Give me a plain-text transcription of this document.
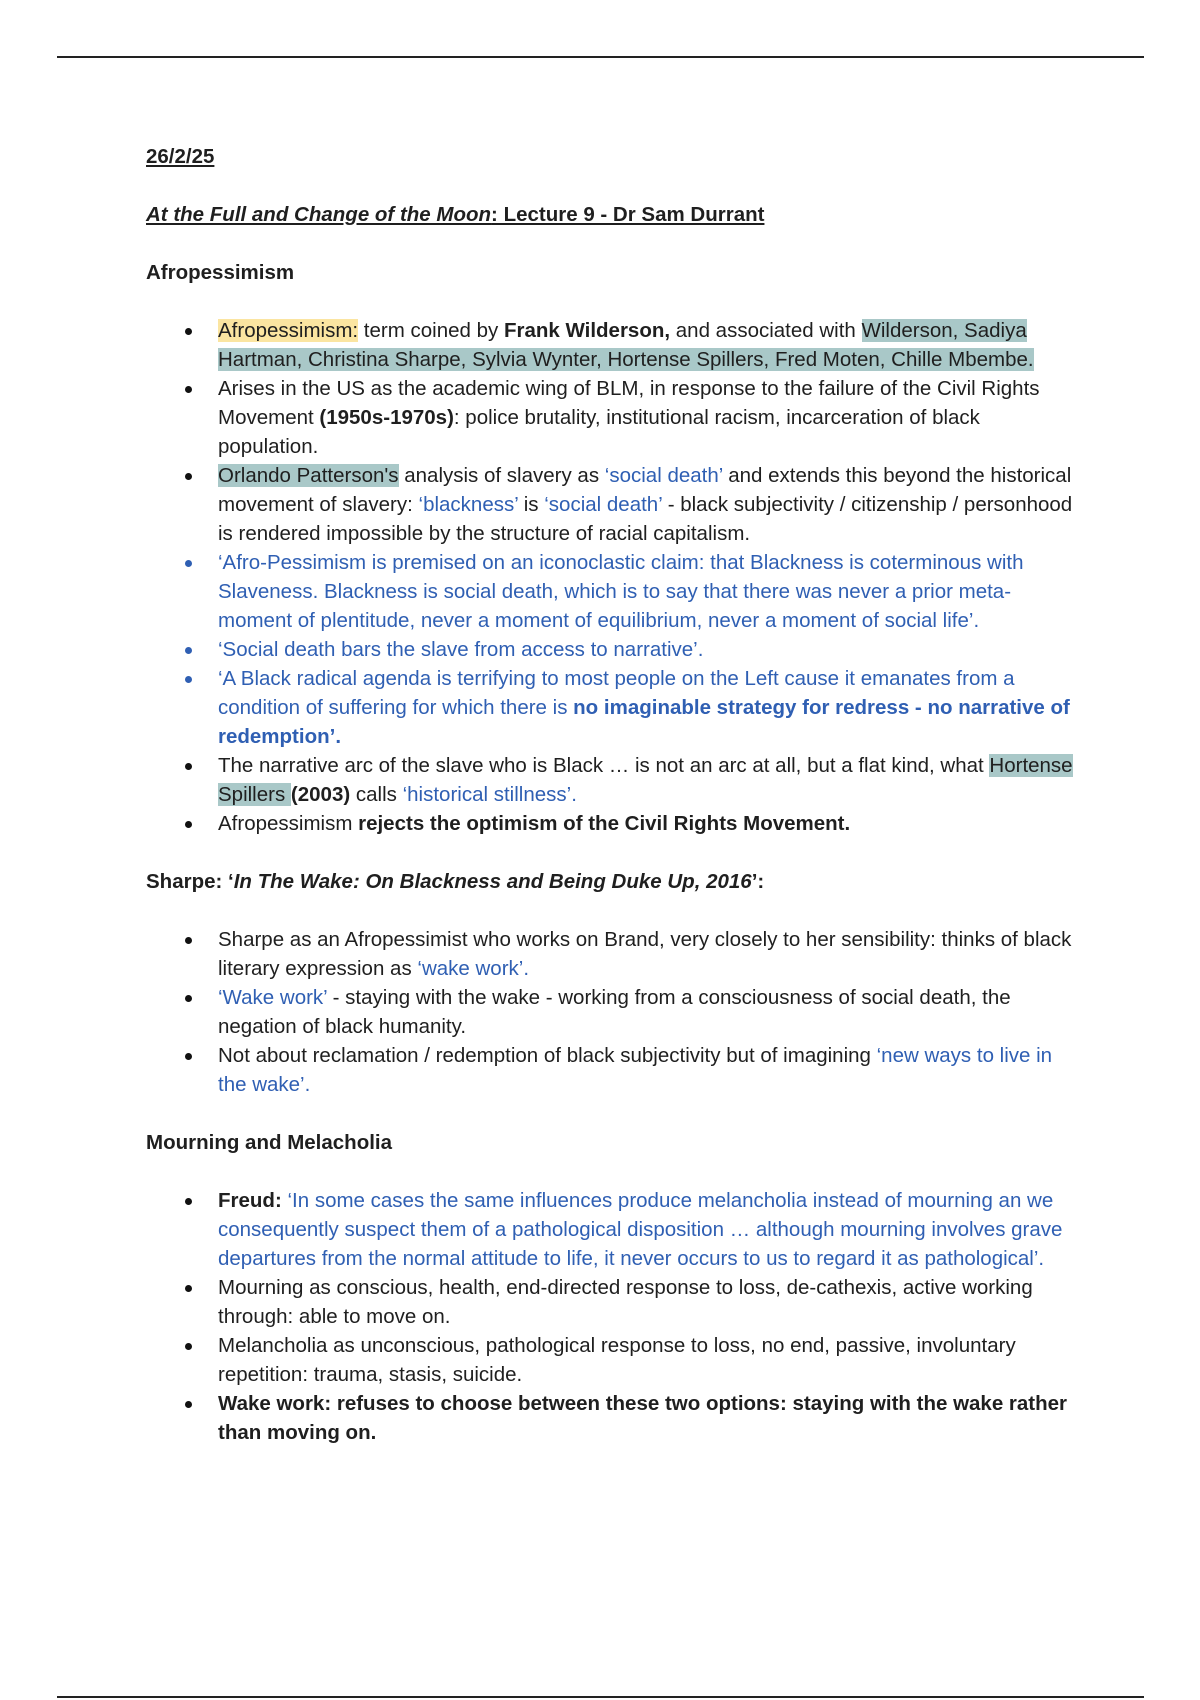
26/2/25

At the Full and Change of the Moon: Lecture 9 - Dr Sam Durrant

Afropessimism
Afropessimism: term coined by Frank Wilderson, and associated with Wilderson, Sadiya Hartman, Christina Sharpe, Sylvia Wynter, Hortense Spillers, Fred Moten, Chille Mbembe.
Arises in the US as the academic wing of BLM, in response to the failure of the Civil Rights Movement (1950s-1970s): police brutality, institutional racism, incarceration of black population.
Orlando Patterson's analysis of slavery as ‘social death’ and extends this beyond the historical movement of slavery: ‘blackness’ is ‘social death’ - black subjectivity / citizenship / personhood is rendered impossible by the structure of racial capitalism.
‘Afro-Pessimism is premised on an iconoclastic claim: that Blackness is coterminous with Slaveness. Blackness is social death, which is to say that there was never a prior meta-moment of plentitude, never a moment of equilibrium, never a moment of social life’.
‘Social death bars the slave from access to narrative’.
‘A Black radical agenda is terrifying to most people on the Left cause it emanates from a condition of suffering for which there is no imaginable strategy for redress - no narrative of redemption’.
The narrative arc of the slave who is Black … is not an arc at all, but a flat kind, what Hortense Spillers (2003) calls ‘historical stillness’.
Afropessimism rejects the optimism of the Civil Rights Movement.
Sharpe: ‘In The Wake: On Blackness and Being Duke Up, 2016’:
Sharpe as an Afropessimist who works on Brand, very closely to her sensibility: thinks of black literary expression as ‘wake work’.
‘Wake work’ - staying with the wake - working from a consciousness of social death, the negation of black humanity.
Not about reclamation / redemption of black subjectivity but of imagining ‘new ways to live in the wake’.
Mourning and Melacholia
Freud: ‘In some cases the same influences produce melancholia instead of mourning an we consequently suspect them of a pathological disposition … although mourning involves grave departures from the normal attitude to life, it never occurs to us to regard it as pathological’.
Mourning as conscious, health, end-directed response to loss, de-cathexis, active working through: able to move on.
Melancholia as unconscious, pathological response to loss, no end, passive, involuntary repetition: trauma, stasis, suicide.
Wake work: refuses to choose between these two options: staying with the wake rather than moving on.
